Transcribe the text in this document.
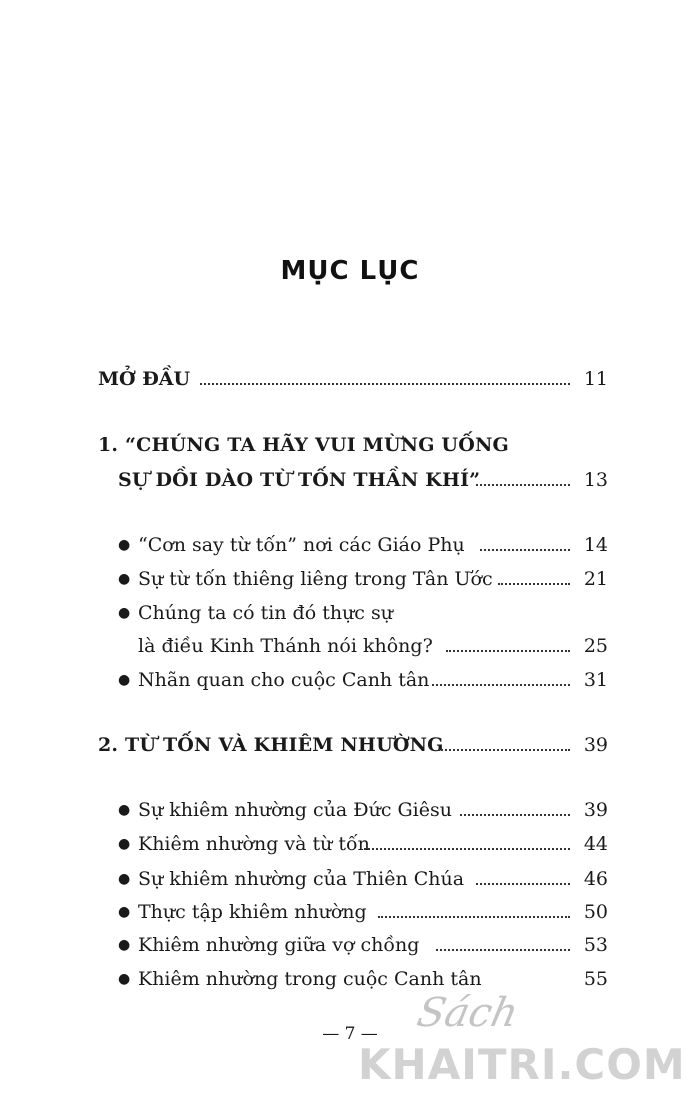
MỤC LỤC
MỞ ĐẦU	11
1. “CHÚNG TA HÃY VUI MỪNG UỐNG
SỰ DỒI DÀO TỪ TỐN THẦN KHÍ”	13
● “Cơn say từ tốn” nơi các Giáo Phụ	14
● Sự từ tốn thiêng liêng trong Tân Ước	21
● Chúng ta có tin đó thực sự
là điều Kinh Thánh nói không?	25
● Nhãn quan cho cuộc Canh tân	31
2. TỪ TỐN VÀ KHIÊM NHƯỜNG	39
● Sự khiêm nhường của Đức Giêsu	39
● Khiêm nhường và từ tốn	44
● Sự khiêm nhường của Thiên Chúa	46
● Thực tập khiêm nhường	50
● Khiêm nhường giữa vợ chồng	53
● Khiêm nhường trong cuộc Canh tân	55
— 7 — Sách
KHAITRI.COM
